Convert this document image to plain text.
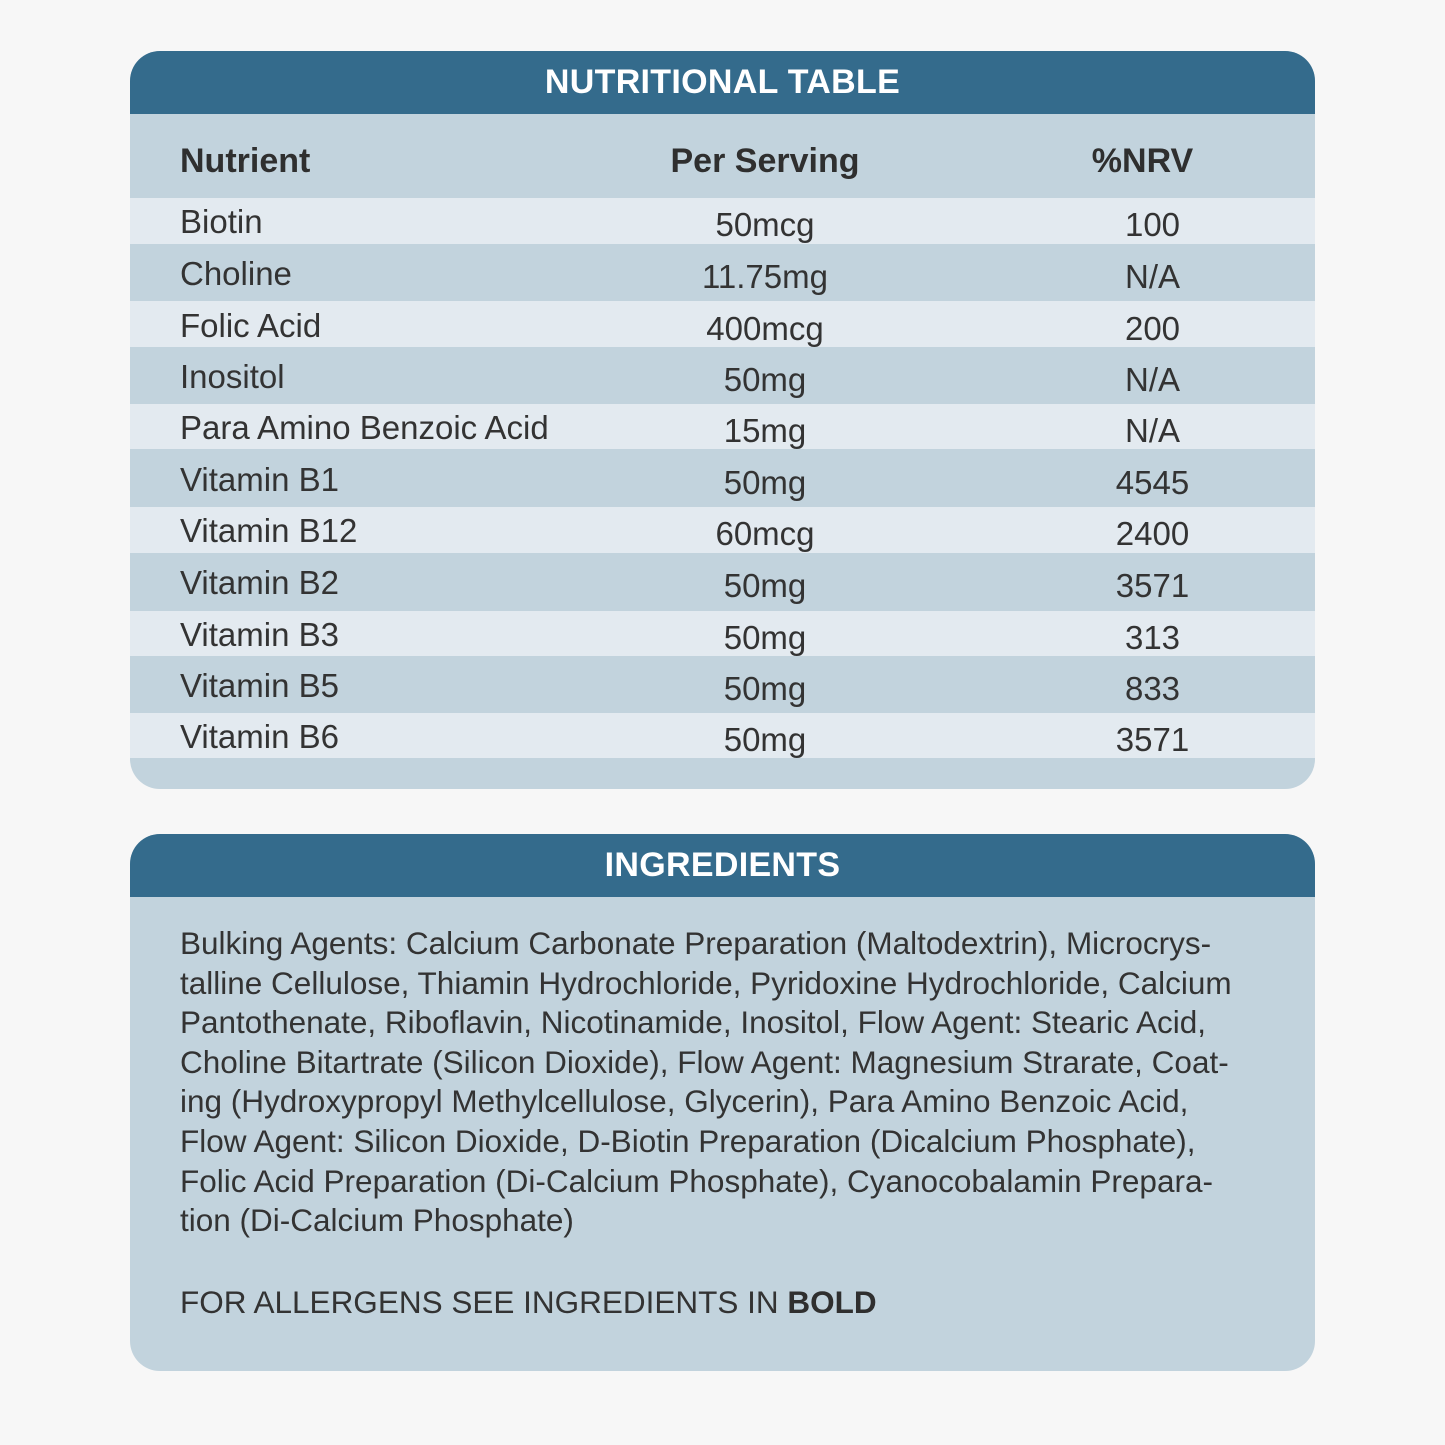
NUTRITIONAL TABLE
Nutrient	Per Serving	%NRV
Biotin	50mcg	100
Choline	11.75mg	N/A
Folic Acid	400mcg	200
Inositol	50mg	N/A
Para Amino Benzoic Acid	15mg	N/A
Vitamin B1	50mg	4545
Vitamin B12	60mcg	2400
Vitamin B2	50mg	3571
Vitamin B3	50mg	313
Vitamin B5	50mg	833
Vitamin B6	50mg	3571
INGREDIENTS
Bulking Agents: Calcium Carbonate Preparation (Maltodextrin), Microcrys-
talline Cellulose, Thiamin Hydrochloride, Pyridoxine Hydrochloride, Calcium
Pantothenate, Riboflavin, Nicotinamide, Inositol, Flow Agent: Stearic Acid,
Choline Bitartrate (Silicon Dioxide), Flow Agent: Magnesium Strarate, Coat-
ing (Hydroxypropyl Methylcellulose, Glycerin), Para Amino Benzoic Acid,
Flow Agent: Silicon Dioxide, D-Biotin Preparation (Dicalcium Phosphate),
Folic Acid Preparation (Di-Calcium Phosphate), Cyanocobalamin Prepara-
tion (Di-Calcium Phosphate)
FOR ALLERGENS SEE INGREDIENTS IN BOLD
